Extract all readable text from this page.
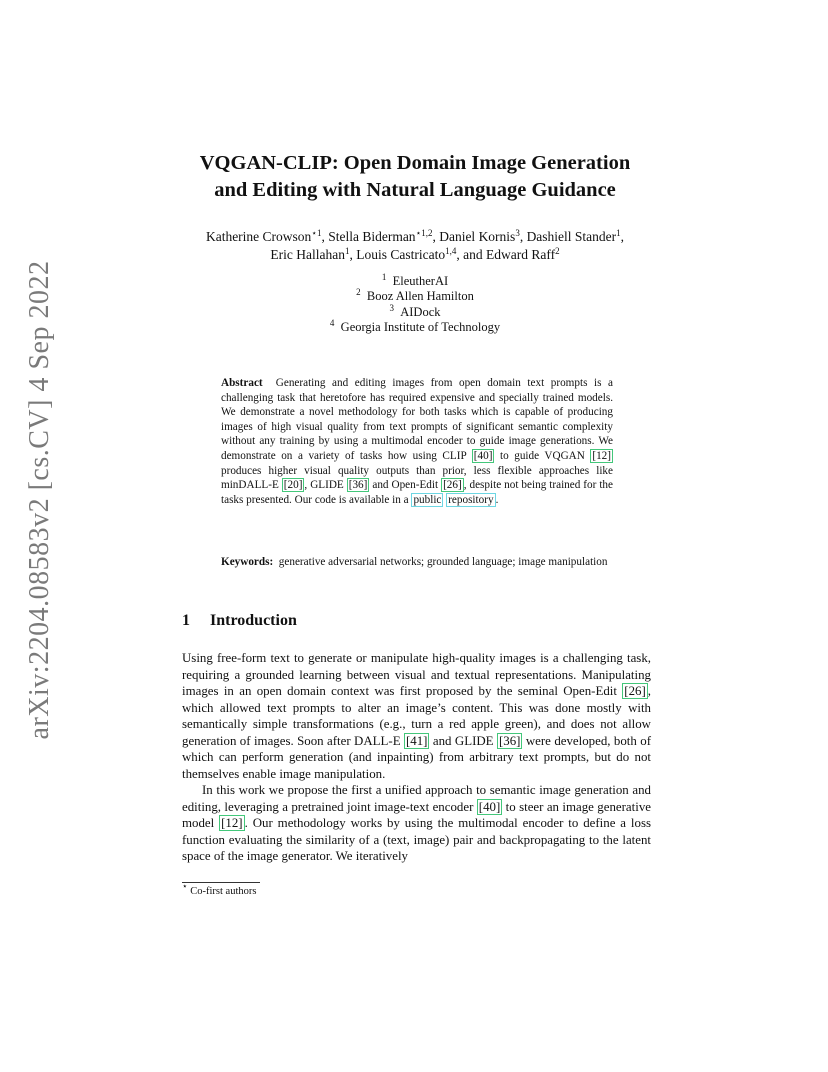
arXiv:2204.08583v2 [cs.CV] 4 Sep 2022
VQGAN-CLIP: Open Domain Image Generation
and Editing with Natural Language Guidance
Katherine Crowson$^{⋆1}$, Stella Biderman$^{⋆1,2}$, Daniel Kornis$^3$, Dashiell Stander$^1$,
Eric Hallahan$^1$, Louis Castricato$^{1,4}$, and Edward Raff$^2$
$^1$ EleutherAI
$^2$ Booz Allen Hamilton
$^3$ AIDock
$^4$ Georgia Institute of Technology
Abstract Generating and editing images from open domain text prompts is a challenging task that heretofore has required expensive and specially trained models. We demonstrate a novel methodology for both tasks which is capable of producing images of high visual quality from text prompts of significant semantic complexity without any training by using a multimodal encoder to guide image generations. We demonstrate on a variety of tasks how using CLIP [40] to guide VQGAN [12] produces higher visual quality outputs than prior, less flexible approaches like minDALL-E [20] , GLIDE [36] and Open-Edit [26] , despite not being trained for the tasks presented. Our code is available in a public repository .
Keywords: generative adversarial networks; grounded language; image manipulation
1 Introduction

Using free-form text to generate or manipulate high-quality images is a challenging task, requiring a grounded learning between visual and textual representations. Manipulating images in an open domain context was first proposed by the seminal Open-Edit [26] , which allowed text prompts to alter an image’s content. This was done mostly with semantically simple transformations (e.g., turn a red apple green), and does not allow generation of images. Soon after DALL-E [41] and GLIDE [36] were developed, both of which can perform generation (and inpainting) from arbitrary text prompts, but do not themselves enable image manipulation.

In this work we propose the first a unified approach to semantic image generation and editing, leveraging a pretrained joint image-text encoder [40] to steer an image generative model [12] . Our methodology works by using the multimodal encoder to define a loss function evaluating the similarity of a (text, image) pair and backpropagating to the latent space of the image generator. We iteratively

⋆ Co-first authors
